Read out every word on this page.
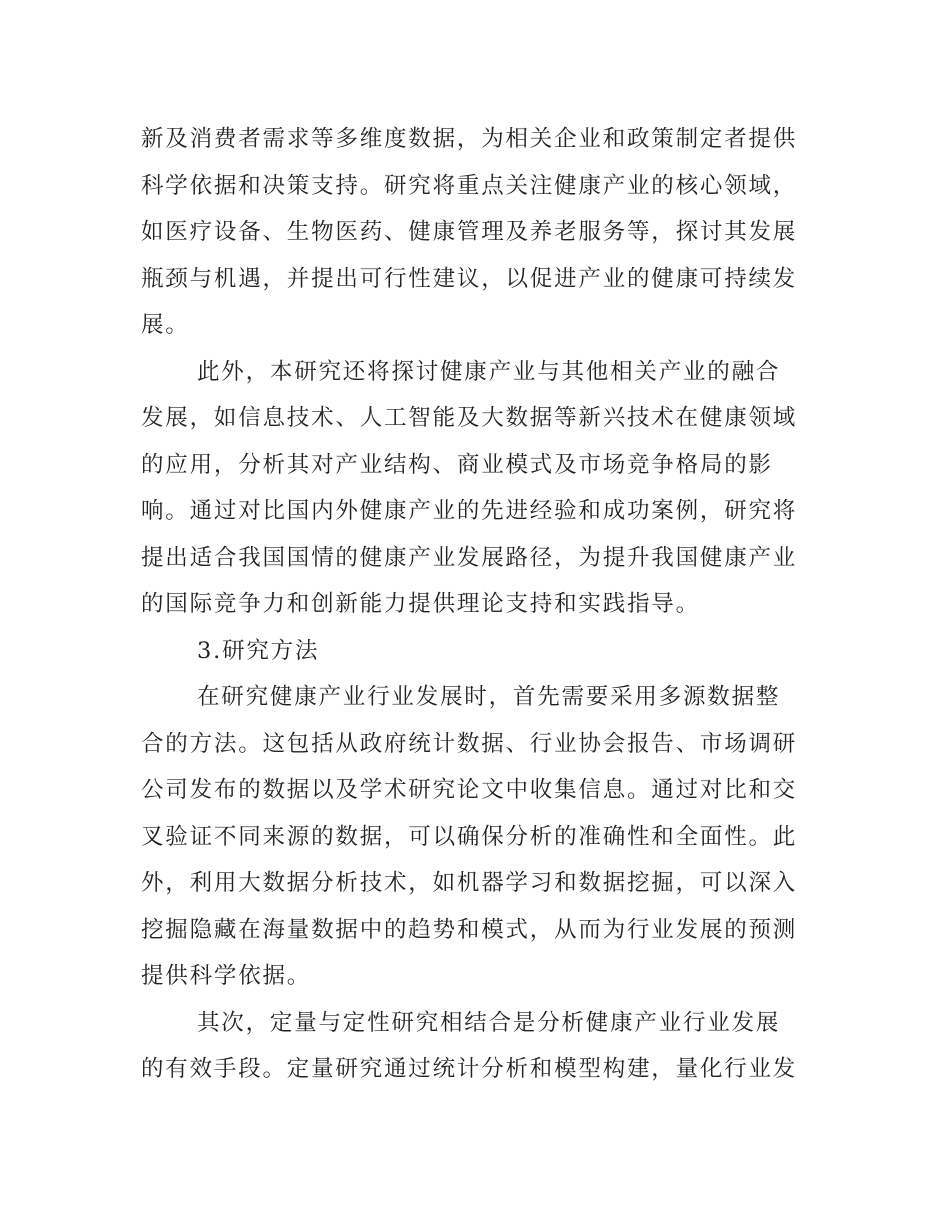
新及消费者需求等多维度数据，为相关企业和政策制定者提供
科学依据和决策支持。研究将重点关注健康产业的核心领域，
如医疗设备、生物医药、健康管理及养老服务等，探讨其发展
瓶颈与机遇，并提出可行性建议，以促进产业的健康可持续发
展。
此外，本研究还将探讨健康产业与其他相关产业的融合
发展，如信息技术、人工智能及大数据等新兴技术在健康领域
的应用，分析其对产业结构、商业模式及市场竞争格局的影
响。通过对比国内外健康产业的先进经验和成功案例，研究将
提出适合我国国情的健康产业发展路径，为提升我国健康产业
的国际竞争力和创新能力提供理论支持和实践指导。
3.研究方法
在研究健康产业行业发展时，首先需要采用多源数据整
合的方法。这包括从政府统计数据、行业协会报告、市场调研
公司发布的数据以及学术研究论文中收集信息。通过对比和交
叉验证不同来源的数据，可以确保分析的准确性和全面性。此
外，利用大数据分析技术，如机器学习和数据挖掘，可以深入
挖掘隐藏在海量数据中的趋势和模式，从而为行业发展的预测
提供科学依据。
其次，定量与定性研究相结合是分析健康产业行业发展
的有效手段。定量研究通过统计分析和模型构建，量化行业发
